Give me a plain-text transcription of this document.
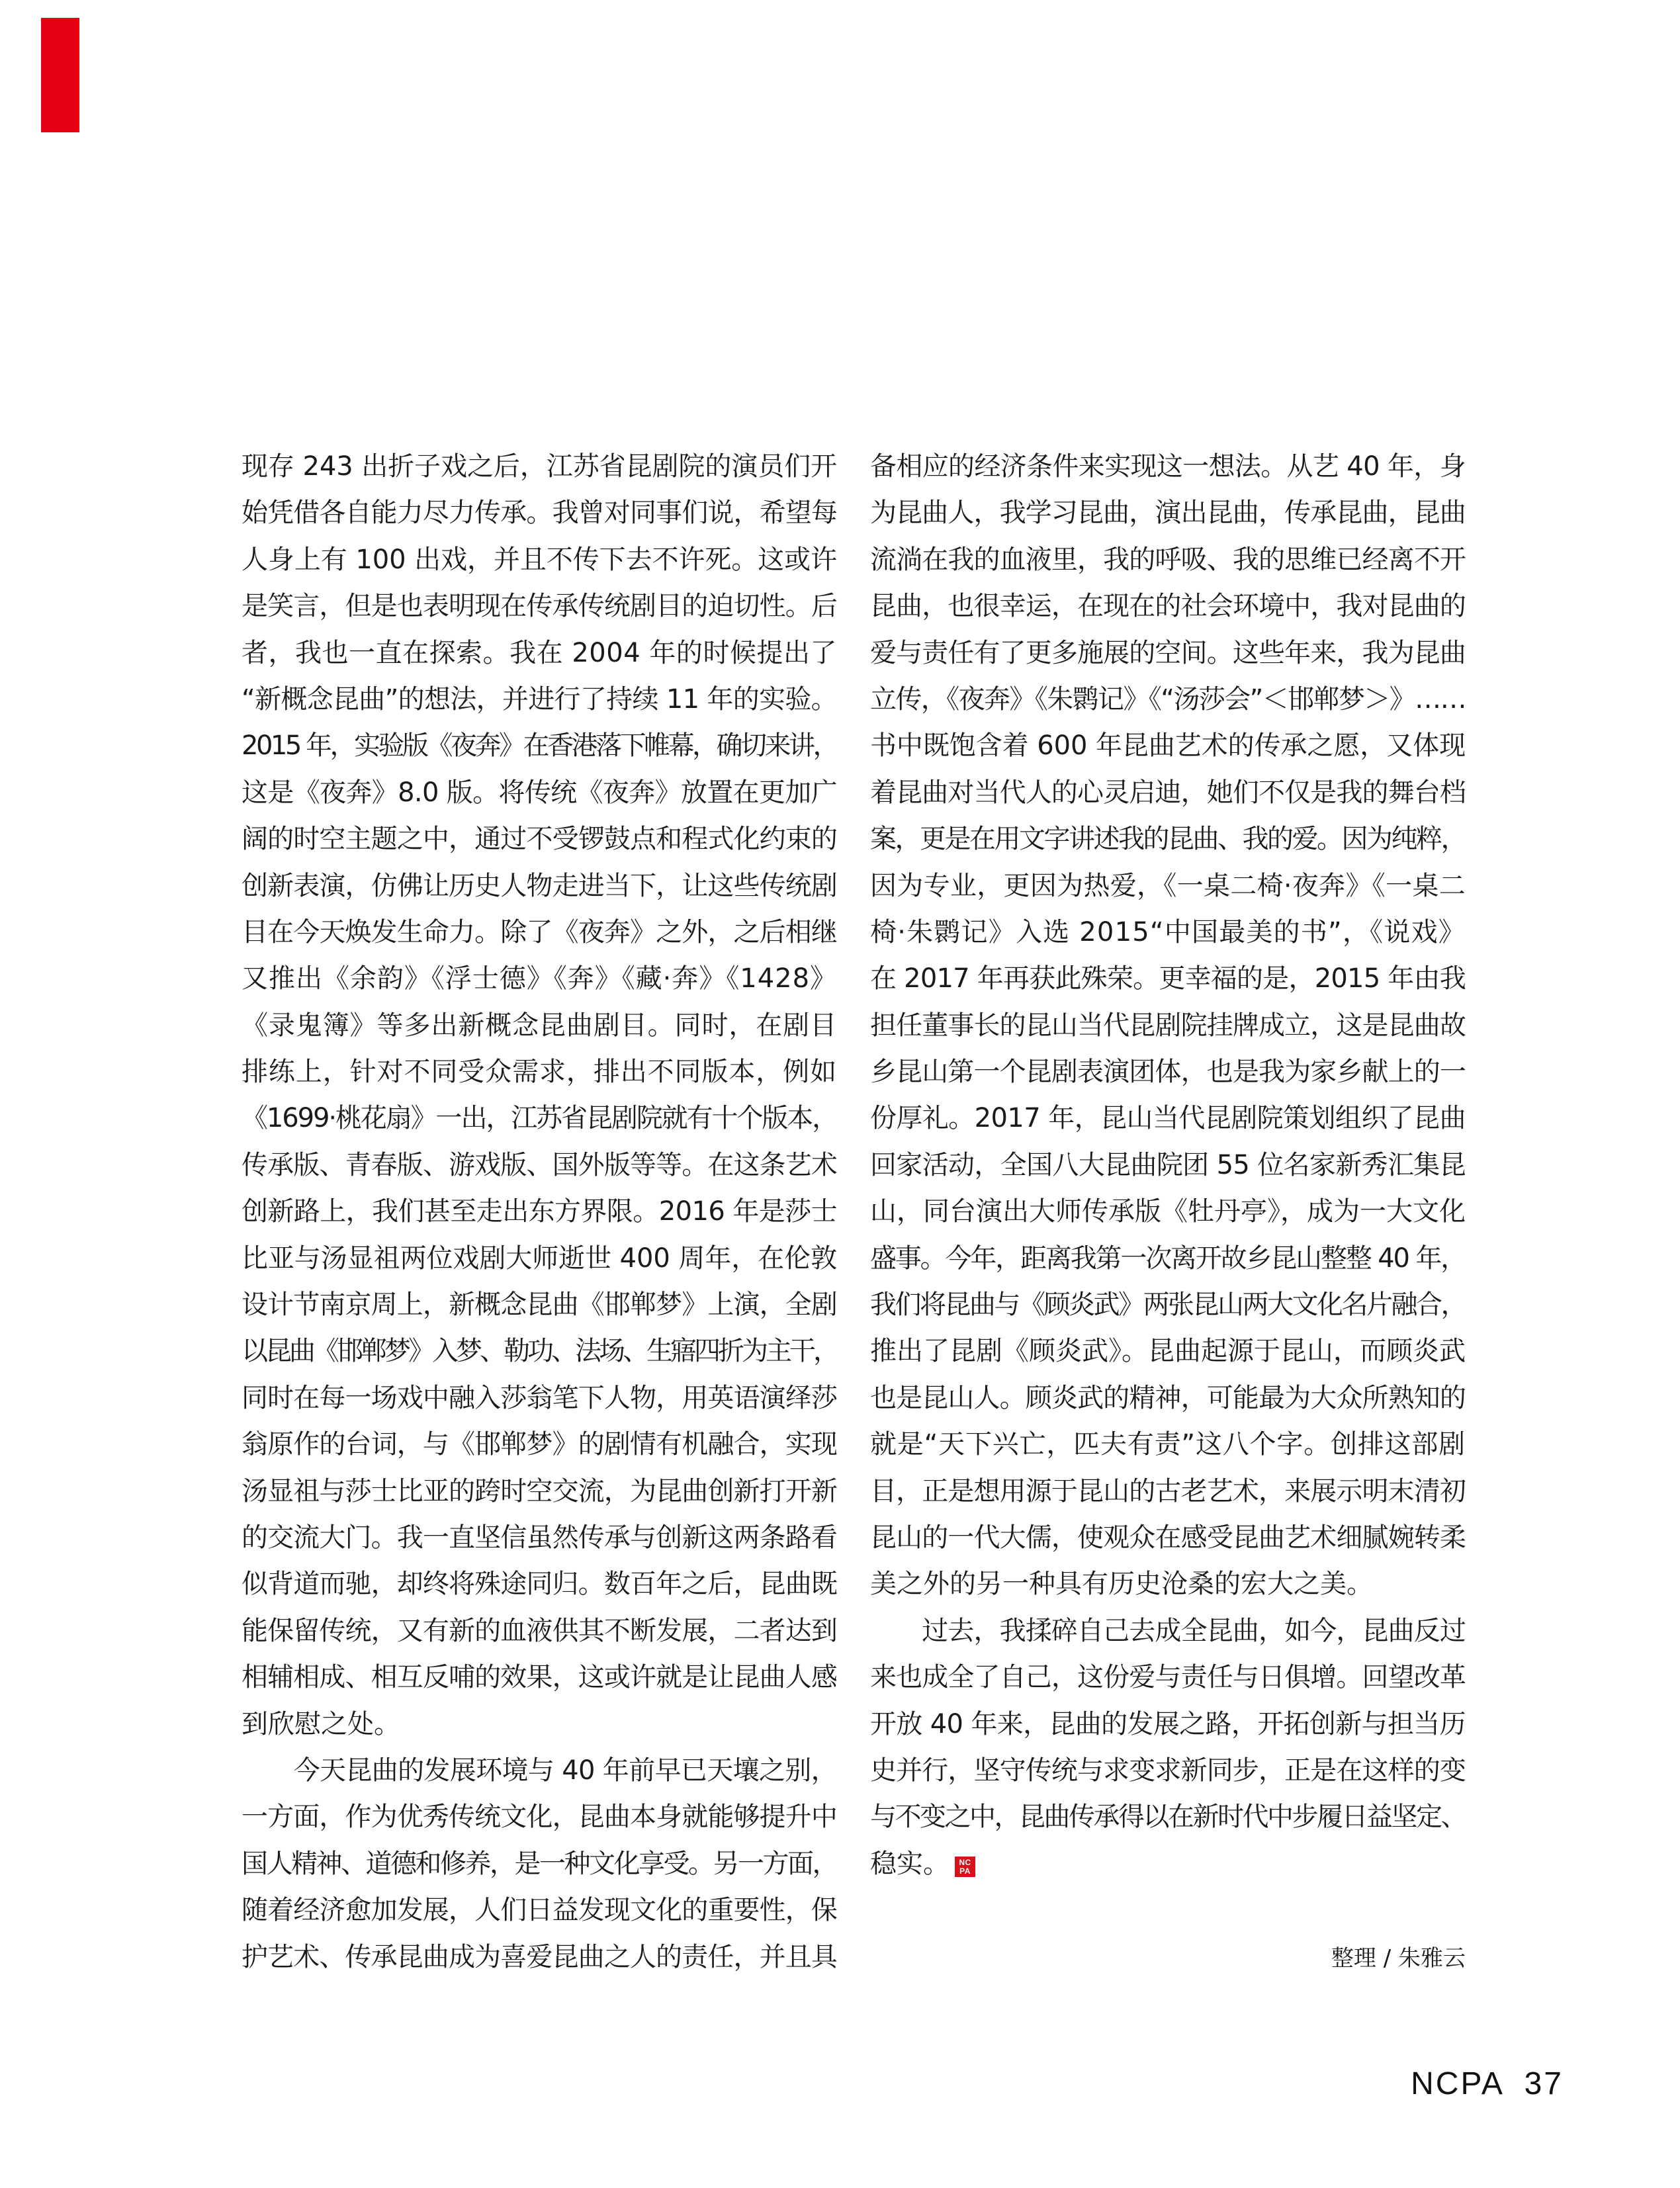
现存 243 出折子戏之后，江苏省昆剧院的演员们开
始凭借各自能力尽力传承。我曾对同事们说，希望每
人身上有 100 出戏，并且不传下去不许死。这或许
是笑言，但是也表明现在传承传统剧目的迫切性。后
者，我也一直在探索。我在 2004 年的时候提出了
“新概念昆曲”的想法，并进行了持续 11 年的实验。
2015 年，实验版《夜奔》在香港落下帷幕，确切来讲，
这是《夜奔》8.0 版。将传统《夜奔》放置在更加广
阔的时空主题之中，通过不受锣鼓点和程式化约束的
创新表演，仿佛让历史人物走进当下，让这些传统剧
目在今天焕发生命力。除了《夜奔》之外，之后相继
又推出《余韵》《浮士德》《奔》《藏·奔》《1428》
《录鬼簿》等多出新概念昆曲剧目。同时，在剧目
排练上，针对不同受众需求，排出不同版本，例如
《1699·桃花扇》一出，江苏省昆剧院就有十个版本，
传承版、青春版、游戏版、国外版等等。在这条艺术
创新路上，我们甚至走出东方界限。2016 年是莎士
比亚与汤显祖两位戏剧大师逝世 400 周年，在伦敦
设计节南京周上，新概念昆曲《邯郸梦》上演，全剧
以昆曲《邯郸梦》入梦、勒功、法场、生寤四折为主干，
同时在每一场戏中融入莎翁笔下人物，用英语演绎莎
翁原作的台词，与《邯郸梦》的剧情有机融合，实现
汤显祖与莎士比亚的跨时空交流，为昆曲创新打开新
的交流大门。我一直坚信虽然传承与创新这两条路看
似背道而驰，却终将殊途同归。数百年之后，昆曲既
能保留传统，又有新的血液供其不断发展，二者达到
相辅相成、相互反哺的效果，这或许就是让昆曲人感
到欣慰之处。
　　今天昆曲的发展环境与 40 年前早已天壤之别，
一方面，作为优秀传统文化，昆曲本身就能够提升中
国人精神、道德和修养，是一种文化享受。另一方面，
随着经济愈加发展，人们日益发现文化的重要性，保
护艺术、传承昆曲成为喜爱昆曲之人的责任，并且具
备相应的经济条件来实现这一想法。从艺 40 年，身
为昆曲人，我学习昆曲，演出昆曲，传承昆曲，昆曲
流淌在我的血液里，我的呼吸、我的思维已经离不开
昆曲，也很幸运，在现在的社会环境中，我对昆曲的
爱与责任有了更多施展的空间。这些年来，我为昆曲
立传，《夜奔》《朱鹮记》《“汤莎会”＜邯郸梦＞》……
书中既饱含着 600 年昆曲艺术的传承之愿，又体现
着昆曲对当代人的心灵启迪，她们不仅是我的舞台档
案，更是在用文字讲述我的昆曲、我的爱。因为纯粹，
因为专业，更因为热爱，《一桌二椅·夜奔》《一桌二
椅·朱鹮记》入选 2015“中国最美的书”，《说戏》
在 2017 年再获此殊荣。更幸福的是，2015 年由我
担任董事长的昆山当代昆剧院挂牌成立，这是昆曲故
乡昆山第一个昆剧表演团体，也是我为家乡献上的一
份厚礼。2017 年，昆山当代昆剧院策划组织了昆曲
回家活动，全国八大昆曲院团 55 位名家新秀汇集昆
山，同台演出大师传承版《牡丹亭》，成为一大文化
盛事。今年，距离我第一次离开故乡昆山整整 40 年，
我们将昆曲与《顾炎武》两张昆山两大文化名片融合，
推出了昆剧《顾炎武》。昆曲起源于昆山，而顾炎武
也是昆山人。顾炎武的精神，可能最为大众所熟知的
就是“天下兴亡，匹夫有责”这八个字。创排这部剧
目，正是想用源于昆山的古老艺术，来展示明末清初
昆山的一代大儒，使观众在感受昆曲艺术细腻婉转柔
美之外的另一种具有历史沧桑的宏大之美。
　　过去，我揉碎自己去成全昆曲，如今，昆曲反过
来也成全了自己，这份爱与责任与日俱增。回望改革
开放 40 年来，昆曲的发展之路，开拓创新与担当历
史并行，坚守传统与求变求新同步，正是在这样的变
与不变之中，昆曲传承得以在新时代中步履日益坚定、
稳实。	NC
PA
整理 / 朱雅云
NCPA 37
